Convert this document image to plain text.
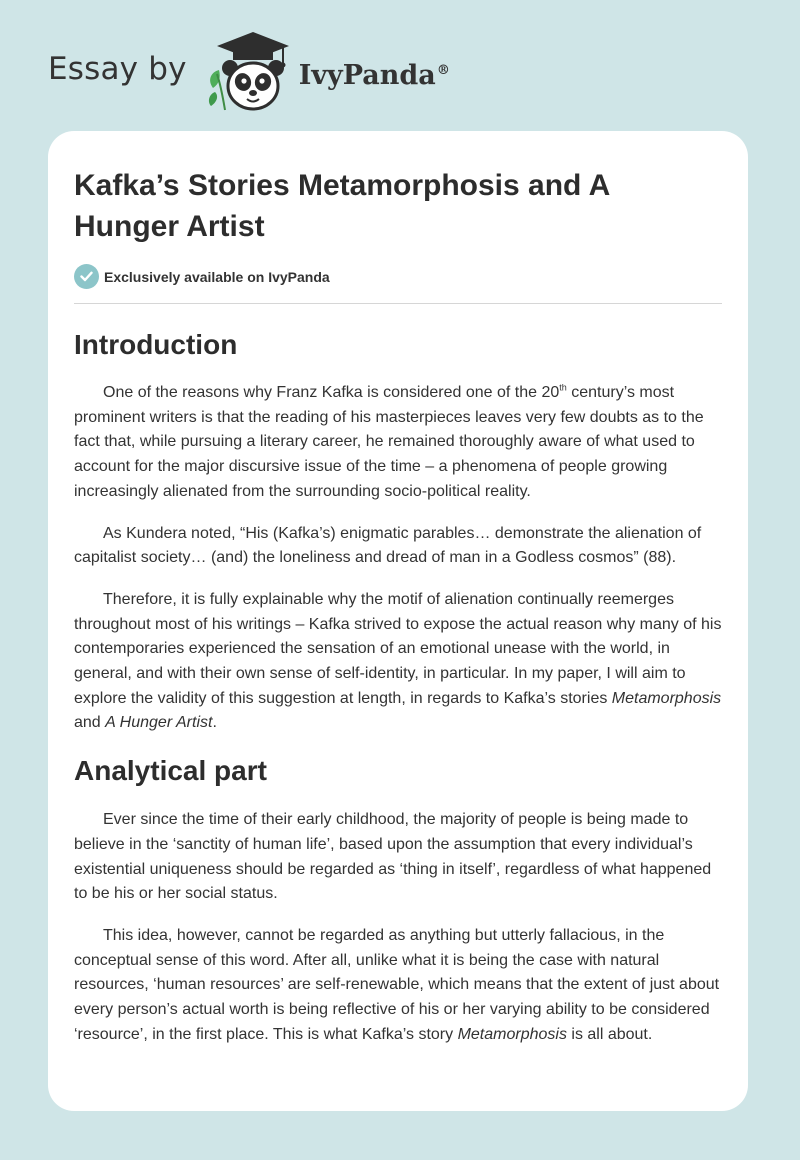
Essay by	IvyPanda®
Kafka’s Stories Metamorphosis and A Hunger Artist
Exclusively available on IvyPanda
Introduction

One of the reasons why Franz Kafka is considered one of the 20th century’s most prominent writers is that the reading of his masterpieces leaves very few doubts as to the fact that, while pursuing a literary career, he remained thoroughly aware of what used to account for the major discursive issue of the time – a phenomena of people growing increasingly alienated from the surrounding socio-political reality.

As Kundera noted, “His (Kafka’s) enigmatic parables… demonstrate the alienation of capitalist society… (and) the loneliness and dread of man in a Godless cosmos” (88).

Therefore, it is fully explainable why the motif of alienation continually reemerges throughout most of his writings – Kafka strived to expose the actual reason why many of his contemporaries experienced the sensation of an emotional unease with the world, in general, and with their own sense of self-identity, in particular. In my paper, I will aim to explore the validity of this suggestion at length, in regards to Kafka’s stories Metamorphosis and A Hunger Artist.

Analytical part

Ever since the time of their early childhood, the majority of people is being made to believe in the ‘sanctity of human life’, based upon the assumption that every individual’s existential uniqueness should be regarded as ‘thing in itself’, regardless of what happened to be his or her social status.

This idea, however, cannot be regarded as anything but utterly fallacious, in the conceptual sense of this word. After all, unlike what it is being the case with natural resources, ‘human resources’ are self-renewable, which means that the extent of just about every person’s actual worth is being reflective of his or her varying ability to be considered ‘resource’, in the first place. This is what Kafka’s story Metamorphosis is all about.
